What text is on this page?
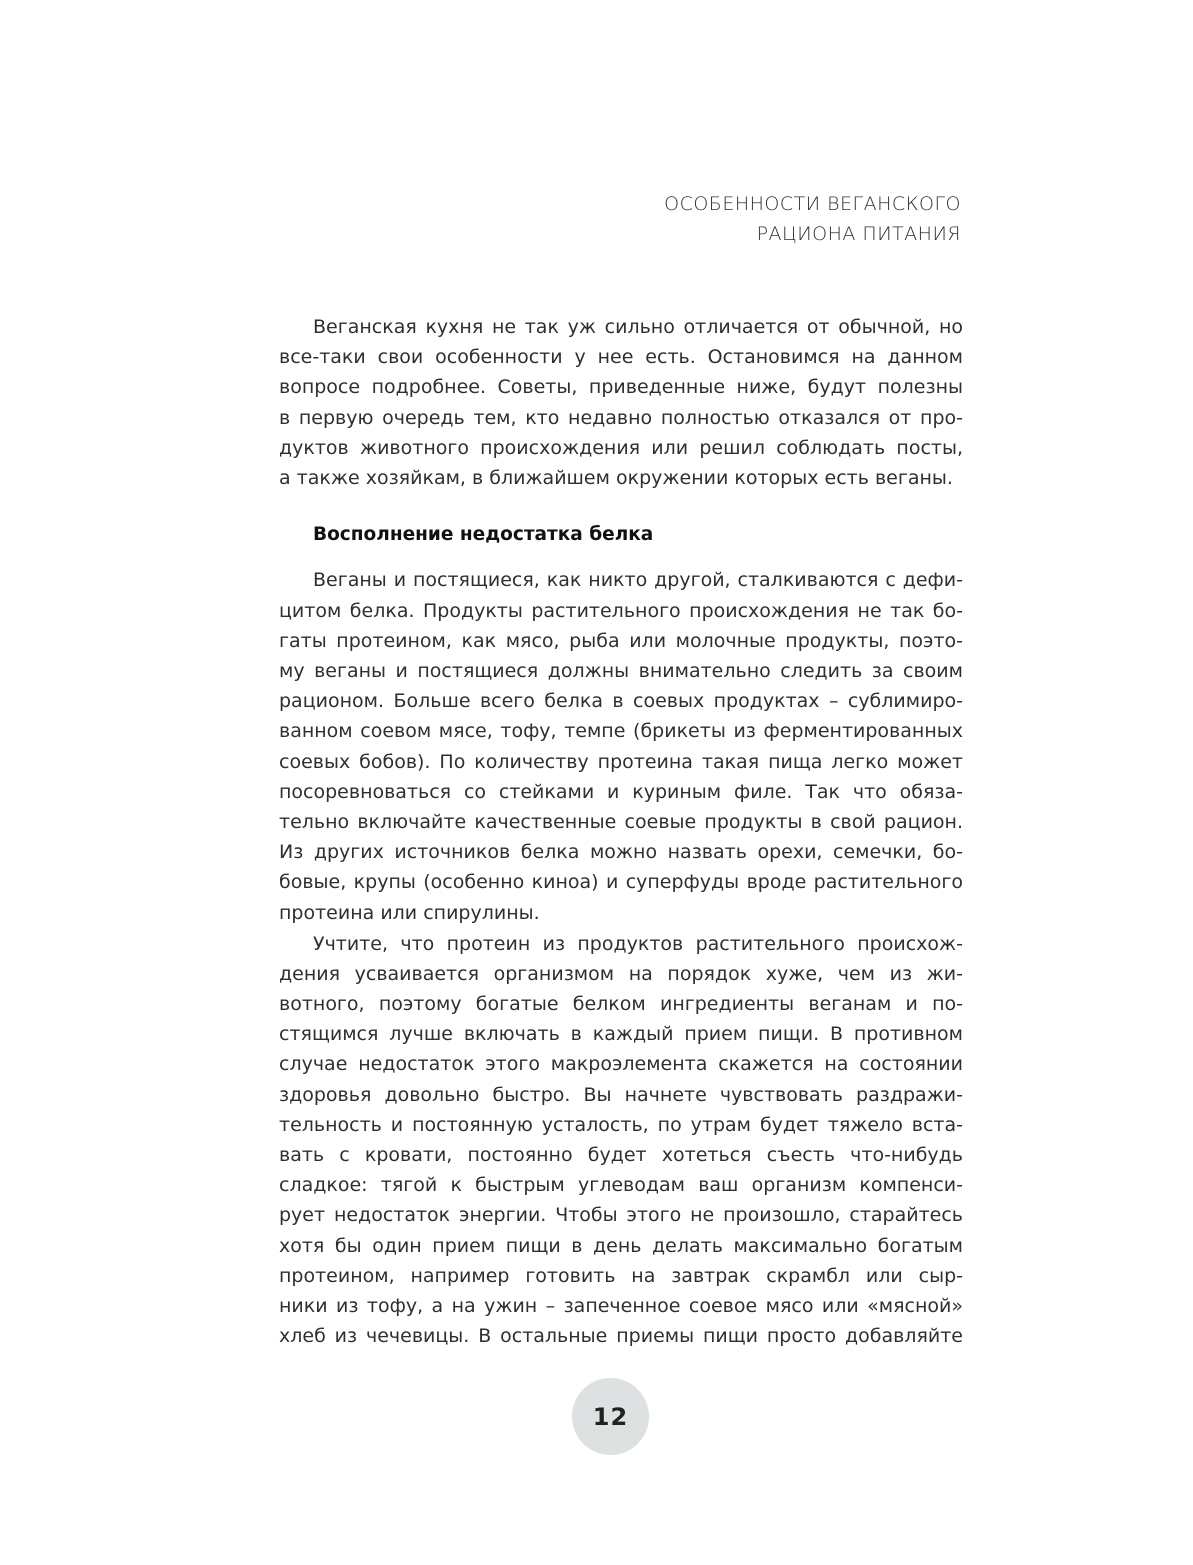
ОСОБЕННОСТИ ВЕГАНСКОГО
РАЦИОНА ПИТАНИЯ
Веганская кухня не так уж сильно отличается от обычной, но
все-таки свои особенности у нее есть. Остановимся на данном
вопросе подробнее. Советы, приведенные ниже, будут полезны
в первую очередь тем, кто недавно полностью отказался от про-
дуктов животного происхождения или решил соблюдать посты,
а также хозяйкам, в ближайшем окружении которых есть веганы.
Восполнение недостатка белка
Веганы и постящиеся, как никто другой, сталкиваются с дефи-
цитом белка. Продукты растительного происхождения не так бо-
гаты протеином, как мясо, рыба или молочные продукты, поэто-
му веганы и постящиеся должны внимательно следить за своим
рационом. Больше всего белка в соевых продуктах – сублимиро-
ванном соевом мясе, тофу, темпе (брикеты из ферментированных
соевых бобов). По количеству протеина такая пища легко может
посоревноваться со стейками и куриным филе. Так что обяза-
тельно включайте качественные соевые продукты в свой рацион.
Из других источников белка можно назвать орехи, семечки, бо-
бовые, крупы (особенно киноа) и суперфуды вроде растительного
протеина или спирулины.
Учтите, что протеин из продуктов растительного происхож-
дения усваивается организмом на порядок хуже, чем из жи-
вотного, поэтому богатые белком ингредиенты веганам и по-
стящимся лучше включать в каждый прием пищи. В противном
случае недостаток этого макроэлемента скажется на состоянии
здоровья довольно быстро. Вы начнете чувствовать раздражи-
тельность и постоянную усталость, по утрам будет тяжело вста-
вать с кровати, постоянно будет хотеться съесть что-нибудь
сладкое: тягой к быстрым углеводам ваш организм компенси-
рует недостаток энергии. Чтобы этого не произошло, старайтесь
хотя бы один прием пищи в день делать максимально богатым
протеином, например готовить на завтрак скрамбл или сыр-
ники из тофу, а на ужин – запечeнное соевое мясо или «мясной»
хлеб из чечевицы. В остальные приемы пищи просто добавляйте
12
